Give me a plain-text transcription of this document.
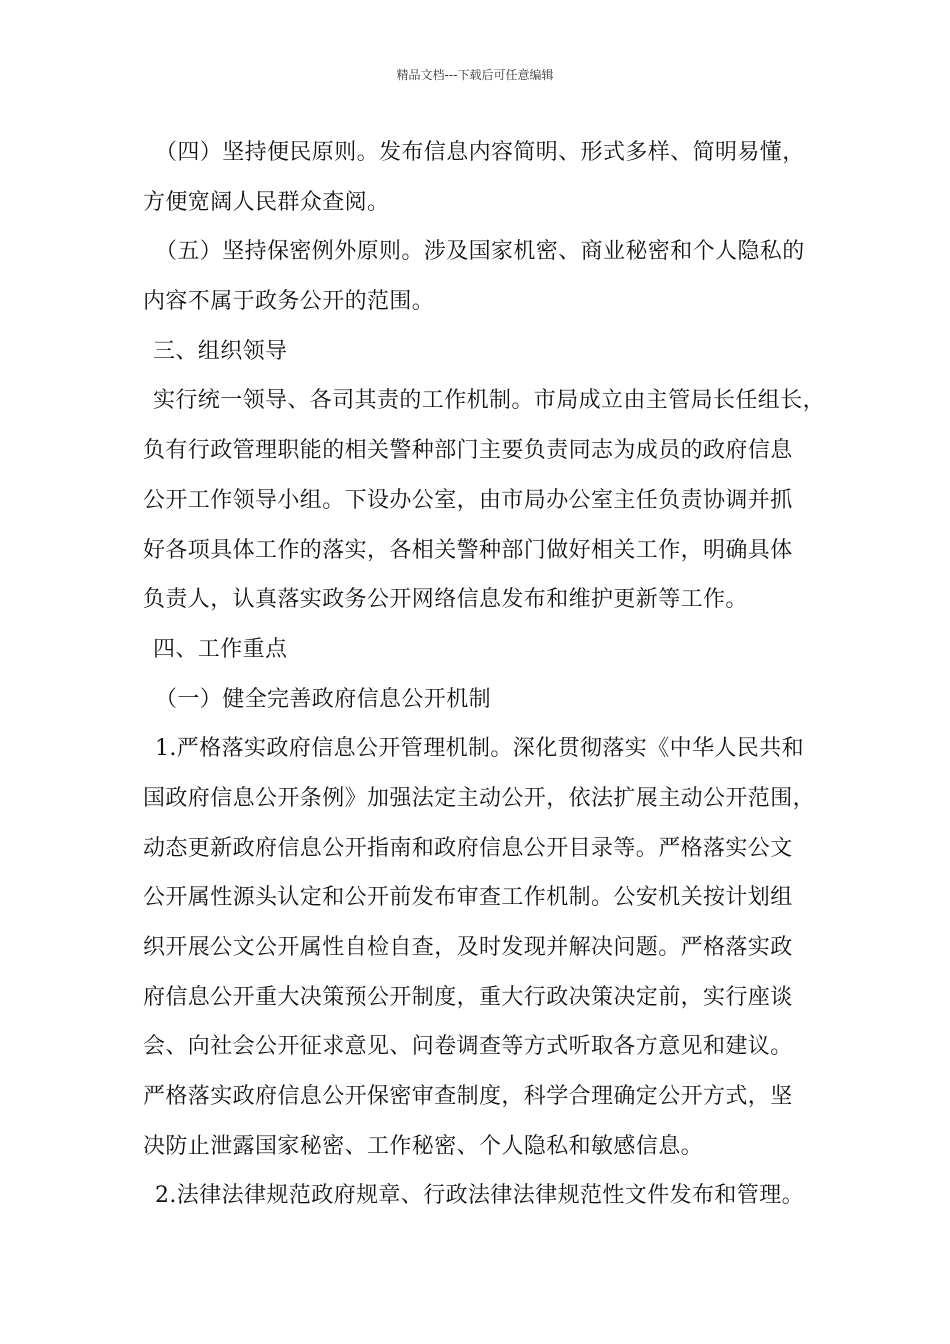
精品文档---下载后可任意编辑
（四）坚持便民原则。发布信息内容简明、形式多样、简明易懂，
方便宽阔人民群众查阅。
（五）坚持保密例外原则。涉及国家机密、商业秘密和个人隐私的
内容不属于政务公开的范围。
三、组织领导
实行统一领导、各司其责的工作机制。市局成立由主管局长任组长，
负有行政管理职能的相关警种部门主要负责同志为成员的政府信息
公开工作领导小组。下设办公室，由市局办公室主任负责协调并抓
好各项具体工作的落实，各相关警种部门做好相关工作，明确具体
负责人，认真落实政务公开网络信息发布和维护更新等工作。
四、工作重点
（一）健全完善政府信息公开机制
1.严格落实政府信息公开管理机制。深化贯彻落实《中华人民共和
国政府信息公开条例》加强法定主动公开，依法扩展主动公开范围，
动态更新政府信息公开指南和政府信息公开目录等。严格落实公文
公开属性源头认定和公开前发布审查工作机制。公安机关按计划组
织开展公文公开属性自检自查，及时发现并解决问题。严格落实政
府信息公开重大决策预公开制度，重大行政决策决定前，实行座谈
会、向社会公开征求意见、问卷调查等方式听取各方意见和建议。
严格落实政府信息公开保密审查制度，科学合理确定公开方式，坚
决防止泄露国家秘密、工作秘密、个人隐私和敏感信息。
2.法律法律规范政府规章、行政法律法律规范性文件发布和管理。
